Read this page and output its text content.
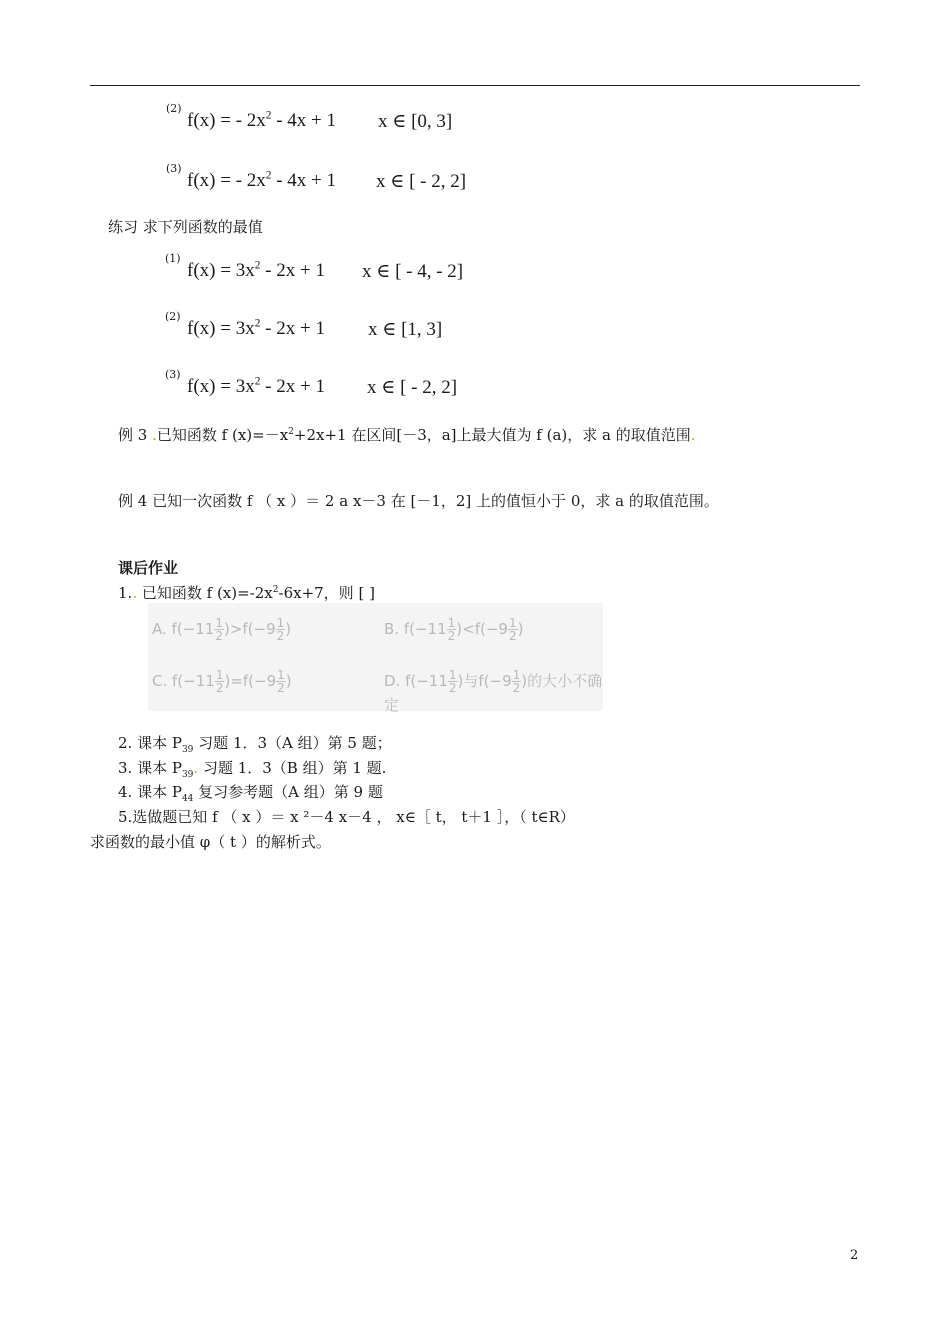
(2)
f(x) = - $2x^2 - 4x + 1$ x ∈ [0, 3]
(3)
f(x) = - $2x^2 - 4x + 1$ x ∈ [ - 2, 2]
练习 求下列函数的最值
(1)
$f(x) = 3x^2 - 2x + 1$ x ∈ [ - 4, - 2]
(2)
$f(x) = 3x^2 - 2x + 1$ x ∈ [1, 3]
(3)
$f(x) = 3x^2 - 2x + 1$ x ∈ [ - 2, 2]
例 3 .已知函数 f $(x)=-x^2+2x+1$ 在区间[－3，a]上最大值为 f (a)，求 a 的取值范围.
例 4 已知一次函数 f （ x ）＝ 2 a x－3 在 [－1，2] 上的值恒小于 0，求 a 的取值范围。
课后作业
1.. 已知函数 f $(x)=-2x^2-6x+7$，则 [ ]
A. $f(-11 \frac{1}{2} )>f(-9 \frac{1}{2}$ )	B. $f(-11 \frac{1}{2} )<f(-9 \frac{1}{2}$ )
C. $f(-11 \frac{1}{2} )=f(-9 \frac{1}{2}$ )	D. $f(-11 \frac{1}{2}$ )与$f(-9 \frac{1}{2}$ )的大小不确定
2. 课本 $P_{39}$ 习题 1．3（A 组）第 5 题；
3. 课本 $P_{39}$. 习题 1．3（B 组）第 1 题.
4. 课本 $P_{44}$ 复习参考题（A 组）第 9 题
5.选做题已知 f （ x ）＝ x ²－4 x－4 ， x∈［ t， t＋1 ］，（ t∈R）
求函数的最小值 φ（ t ）的解析式。
2
